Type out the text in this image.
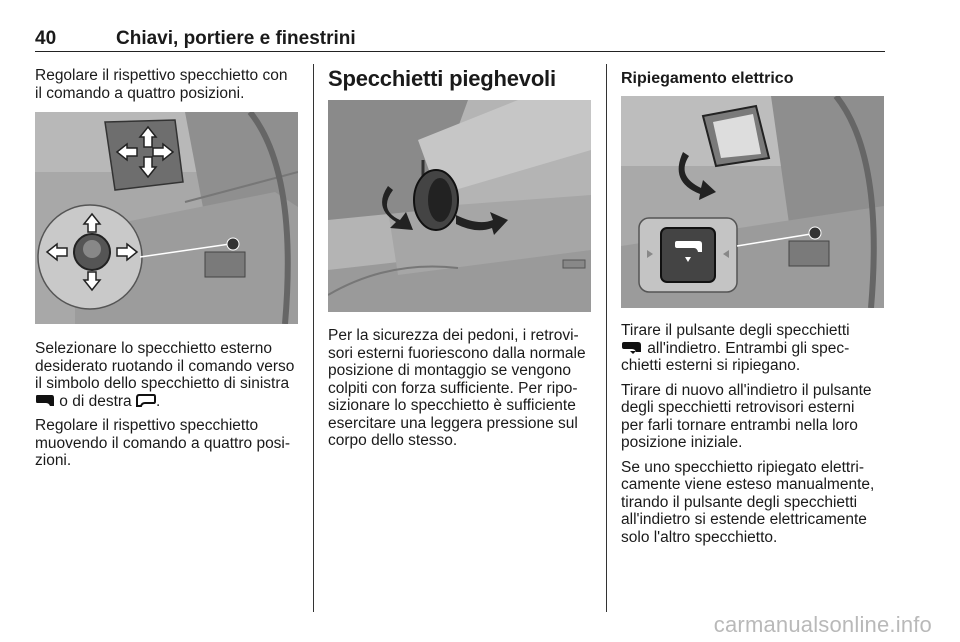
40	Chiavi, portiere e finestrini

Regolare il rispettivo specchietto con

il comando a quattro posizioni.

Selezionare lo specchietto esterno

desiderato ruotando il comando verso

il simbolo dello specchietto di sinistra

o di destra .

Regolare il rispettivo specchietto

muovendo il comando a quattro posi-

zioni.

Specchietti pieghevoli

Per la sicurezza dei pedoni, i retrovi-

sori esterni fuoriescono dalla normale

posizione di montaggio se vengono

colpiti con forza sufficiente. Per ripo-

sizionare lo specchietto è sufficiente

esercitare una leggera pressione sul

corpo dello stesso.

Ripiegamento elettrico

Tirare il pulsante degli specchietti

all'indietro. Entrambi gli spec-

chietti esterni si ripiegano.

Tirare di nuovo all'indietro il pulsante

degli specchietti retrovisori esterni

per farli tornare entrambi nella loro

posizione iniziale.

Se uno specchietto ripiegato elettri-

camente viene esteso manualmente,

tirando il pulsante degli specchietti

all'indietro si estende elettricamente

solo l'altro specchietto.

carmanualsonline.info
